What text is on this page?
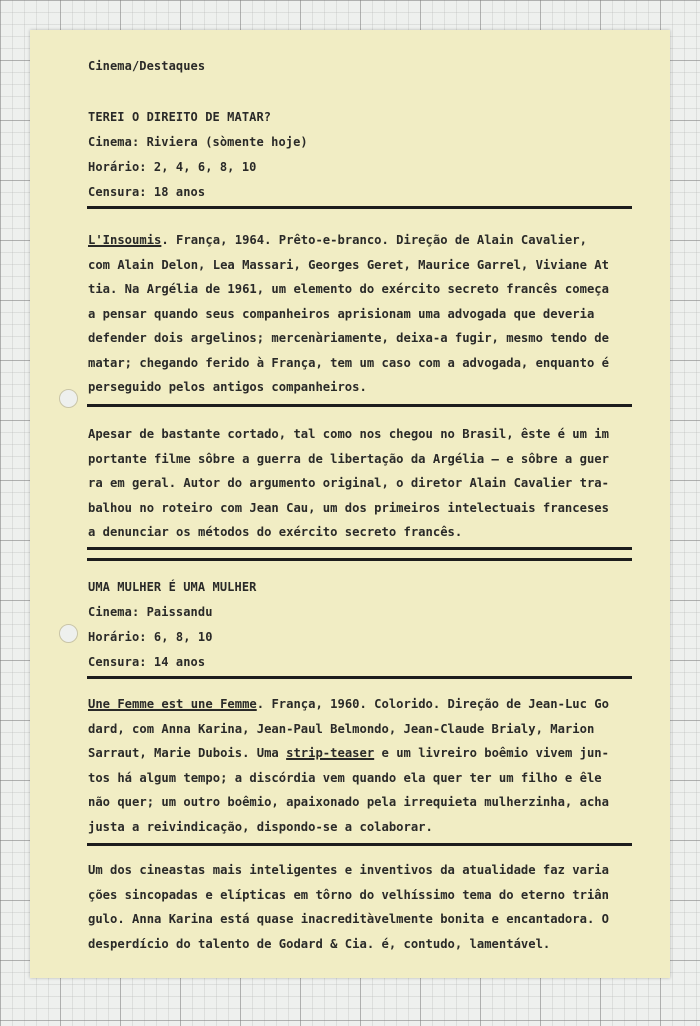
Cinema/Destaques
TEREI O DIREITO DE MATAR?
Cinema: Riviera (sòmente hoje)
Horário: 2, 4, 6, 8, 10
Censura: 18 anos
L'Insoumis. França, 1964. Prêto-e-branco. Direção de Alain Cavalier,
com Alain Delon, Lea Massari, Georges Geret, Maurice Garrel, Viviane At
tia. Na Argélia de 1961, um elemento do exército secreto francês começa
a pensar quando seus companheiros aprisionam uma advogada que deveria
defender dois argelinos; mercenàriamente, deixa-a fugir, mesmo tendo de
matar; chegando ferido à França, tem um caso com a advogada, enquanto é
perseguido pelos antigos companheiros.
Apesar de bastante cortado, tal como nos chegou no Brasil, êste é um im
portante filme sôbre a guerra de libertação da Argélia — e sôbre a guer
ra em geral. Autor do argumento original, o diretor Alain Cavalier tra-
balhou no roteiro com Jean Cau, um dos primeiros intelectuais franceses
a denunciar os métodos do exército secreto francês.
UMA MULHER É UMA MULHER
Cinema: Paissandu
Horário: 6, 8, 10
Censura: 14 anos
Une Femme est une Femme. França, 1960. Colorido. Direção de Jean-Luc Go
dard, com Anna Karina, Jean-Paul Belmondo, Jean-Claude Brialy, Marion
Sarraut, Marie Dubois. Uma strip-teaser e um livreiro boêmio vivem jun-
tos há algum tempo; a discórdia vem quando ela quer ter um filho e êle
não quer; um outro boêmio, apaixonado pela irrequieta mulherzinha, acha
justa a reivindicação, dispondo-se a colaborar.
Um dos cineastas mais inteligentes e inventivos da atualidade faz varia
ções sincopadas e elípticas em tôrno do velhíssimo tema do eterno triân
gulo. Anna Karina está quase inacreditàvelmente bonita e encantadora. O
desperdício do talento de Godard & Cia. é, contudo, lamentável.
